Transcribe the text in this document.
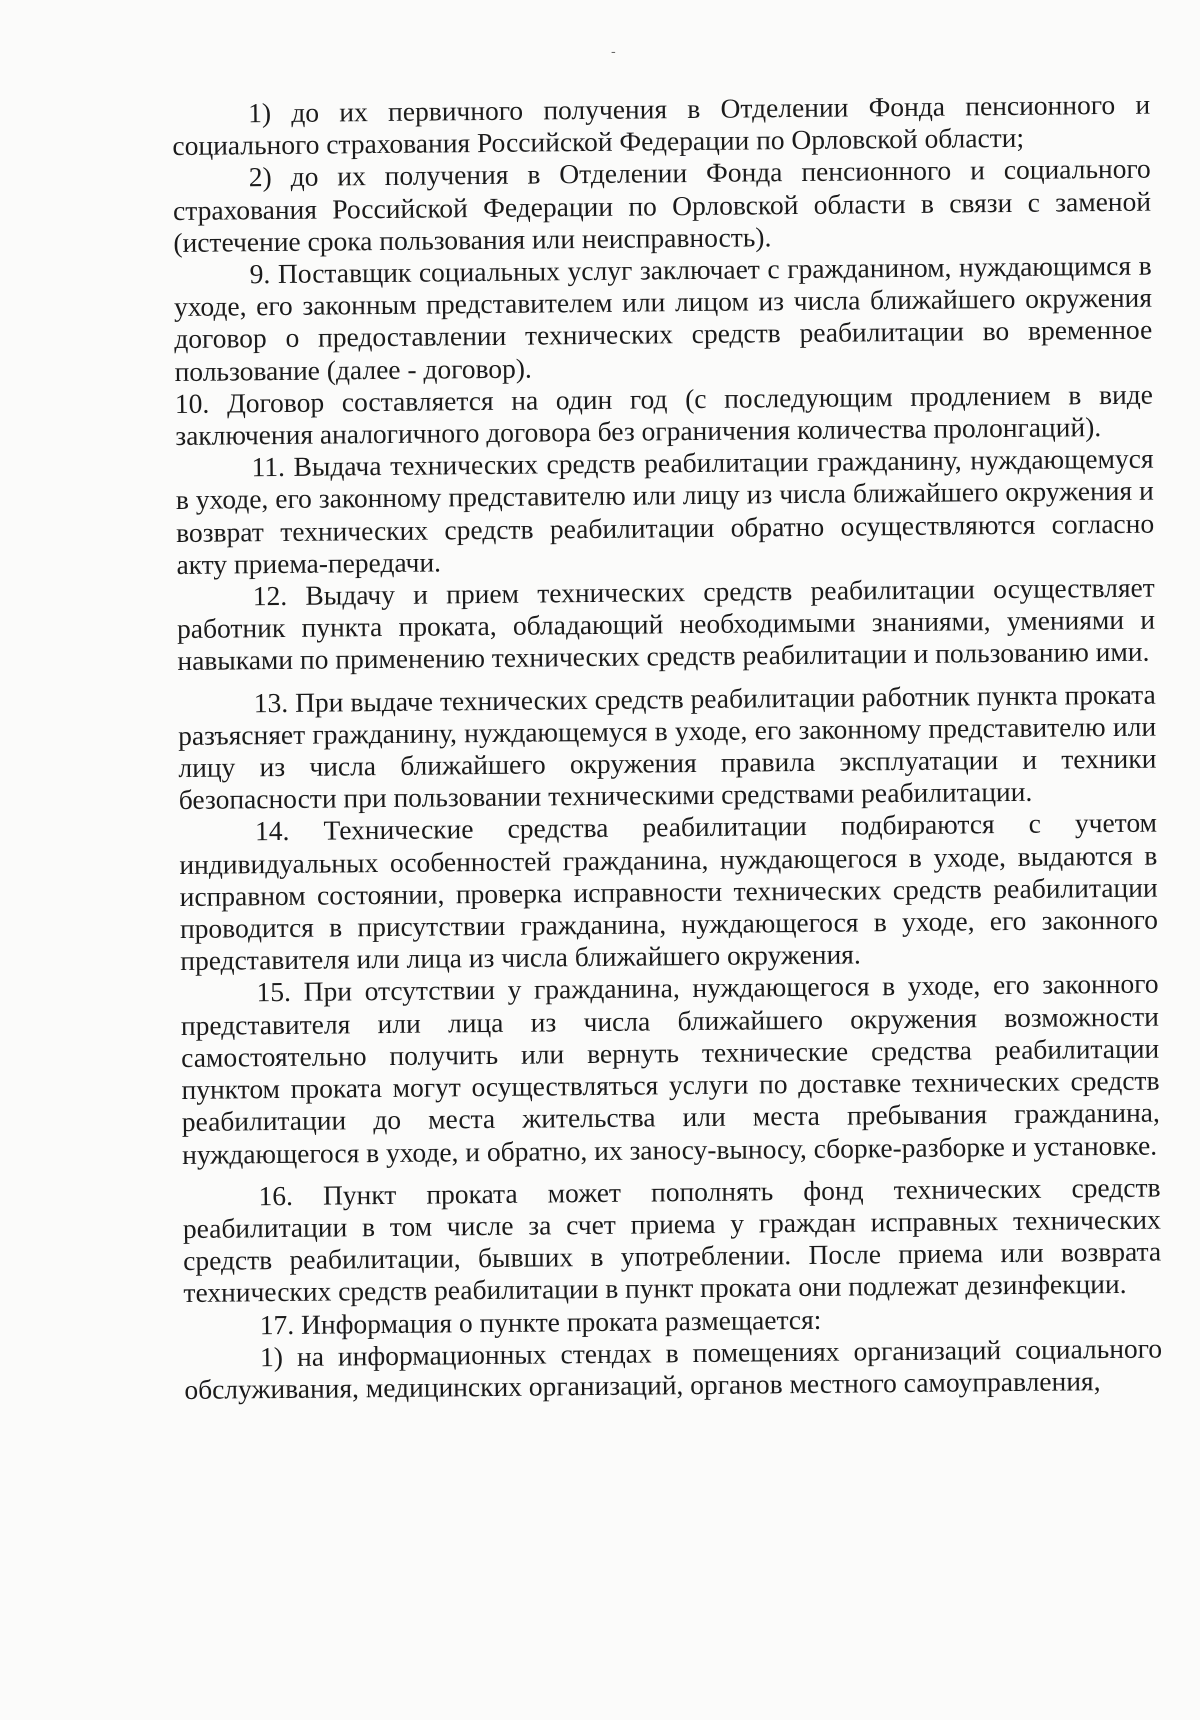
-

1) до их первичного получения в Отделении Фонда пенсионного и социального страхования Российской Федерации по Орловской области;

2) до их получения в Отделении Фонда пенсионного и социального страхования Российской Федерации по Орловской области в связи с заменой (истечение срока пользования или неисправность).

9. Поставщик социальных услуг заключает с гражданином, нуждающимся в уходе, его законным представителем или лицом из числа ближайшего окружения договор о предоставлении технических средств реабилитации во временное пользование (далее - договор).

10. Договор составляется на один год (с последующим продлением в виде заключения аналогичного договора без ограничения количества пролонгаций).

11. Выдача технических средств реабилитации гражданину, нуждающемуся в уходе, его законному представителю или лицу из числа ближайшего окружения и возврат технических средств реабилитации обратно осуществляются согласно акту приема-передачи.

12. Выдачу и прием технических средств реабилитации осуществляет работник пункта проката, обладающий необходимыми знаниями, умениями и навыками по применению технических средств реабилитации и пользованию ими.

13. При выдаче технических средств реабилитации работник пункта проката разъясняет гражданину, нуждающемуся в уходе, его законному представителю или лицу из числа ближайшего окружения правила эксплуатации и техники безопасности при пользовании техническими средствами реабилитации.

14. Технические средства реабилитации подбираются с учетом индивидуальных особенностей гражданина, нуждающегося в уходе, выдаются в исправном состоянии, проверка исправности технических средств реабилитации проводится в присутствии гражданина, нуждающегося в уходе, его законного представителя или лица из числа ближайшего окружения.

15. При отсутствии у гражданина, нуждающегося в уходе, его законного представителя или лица из числа ближайшего окружения возможности самостоятельно получить или вернуть технические средства реабилитации пунктом проката могут осуществляться услуги по доставке технических средств реабилитации до места жительства или места пребывания гражданина, нуждающегося в уходе, и обратно, их заносу-выносу, сборке-разборке и установке.

16. Пункт проката может пополнять фонд технических средств реабилитации в том числе за счет приема у граждан исправных технических средств реабилитации, бывших в употреблении. После приема или возврата технических средств реабилитации в пункт проката они подлежат дезинфекции.

17. Информация о пункте проката размещается:

1) на информационных стендах в помещениях организаций социального обслуживания, медицинских организаций, органов местного самоуправления,
